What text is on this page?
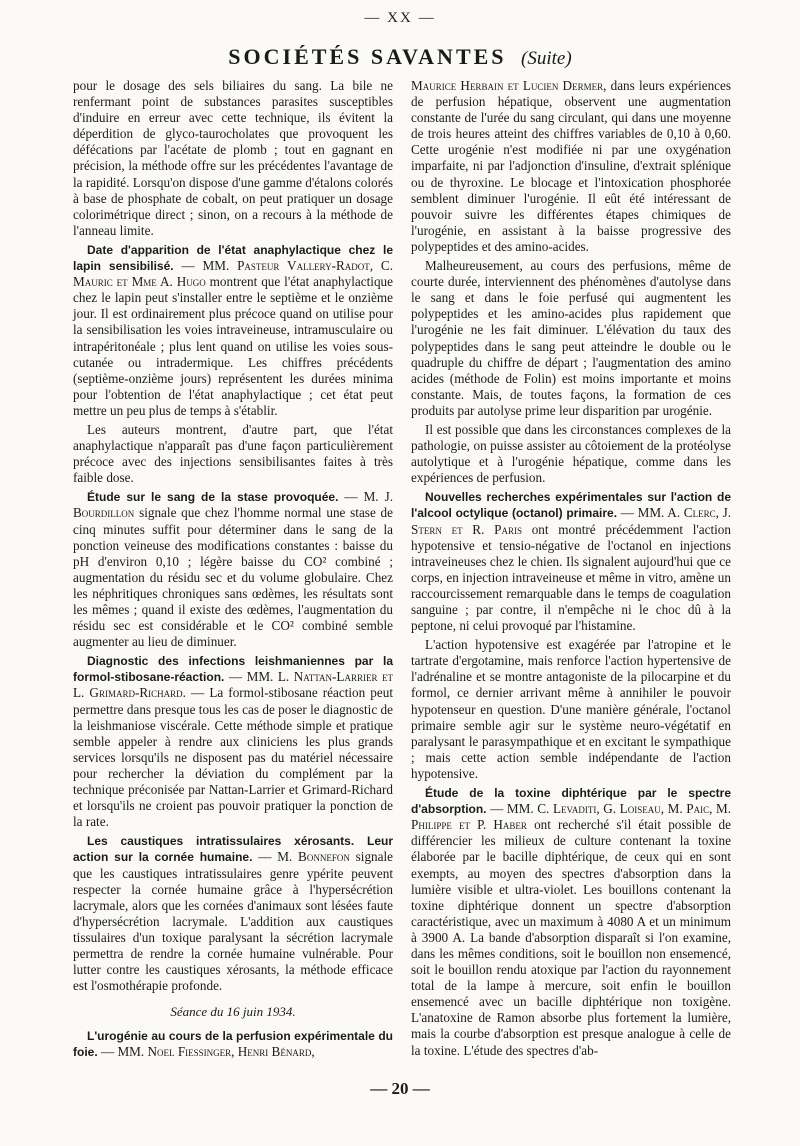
— XX —
SOCIÉTÉS SAVANTES (Suite)

pour le dosage des sels biliaires du sang. La bile ne renfermant point de substances parasites susceptibles d'induire en erreur avec cette technique, ils évitent la déperdition de glyco-taurocholates que provoquent les défécations par l'acétate de plomb ; tout en gagnant en précision, la méthode offre sur les précédentes l'avantage de la rapidité. Lorsqu'on dispose d'une gamme d'étalons colorés à base de phosphate de cobalt, on peut pratiquer un dosage colorimétrique direct ; sinon, on a recours à la méthode de l'anneau limite.

Date d'apparition de l'état anaphylactique chez le lapin sensibilisé. — MM. Pasteur Vallery-Radot, C. Mauric et Mme A. Hugo montrent que l'état anaphylactique chez le lapin peut s'installer entre le septième et le onzième jour. Il est ordinairement plus précoce quand on utilise pour la sensibilisation les voies intraveineuse, intramusculaire ou intrapéritonéale ; plus lent quand on utilise les voies sous-cutanée ou intradermique. Les chiffres précédents (septième-onzième jours) représentent les durées minima pour l'obtention de l'état anaphylactique ; cet état peut mettre un peu plus de temps à s'établir.

Les auteurs montrent, d'autre part, que l'état anaphylactique n'apparaît pas d'une façon particulièrement précoce avec des injections sensibilisantes faites à très faible dose.

Étude sur le sang de la stase provoquée. — M. J. Bourdillon signale que chez l'homme normal une stase de cinq minutes suffit pour déterminer dans le sang de la ponction veineuse des modifications constantes : baisse du pH d'environ 0,10 ; légère baisse du CO² combiné ; augmentation du résidu sec et du volume globulaire. Chez les néphritiques chroniques sans œdèmes, les résultats sont les mêmes ; quand il existe des œdèmes, l'augmentation du résidu sec est considérable et le CO² combiné semble augmenter au lieu de diminuer.

Diagnostic des infections leishmaniennes par la formol-stibosane-réaction. — MM. L. Nattan-Larrier et L. Grimard-Richard. — La formol-stibosane réaction peut permettre dans presque tous les cas de poser le diagnostic de la leishmaniose viscérale. Cette méthode simple et pratique semble appeler à rendre aux cliniciens les plus grands services lorsqu'ils ne disposent pas du matériel nécessaire pour rechercher la déviation du complément par la technique préconisée par Nattan-Larrier et Grimard-Richard et lorsqu'ils ne croient pas pouvoir pratiquer la ponction de la rate.

Les caustiques intratissulaires xérosants. Leur action sur la cornée humaine. — M. Bonnefon signale que les caustiques intratissulaires genre ypérite peuvent respecter la cornée humaine grâce à l'hypersécrétion lacrymale, alors que les cornées d'animaux sont lésées faute d'hypersécrétion lacrymale. L'addition aux caustiques tissulaires d'un toxique paralysant la sécrétion lacrymale permettra de rendre la cornée humaine vulnérable. Pour lutter contre les caustiques xérosants, la méthode efficace est l'osmothérapie profonde.

Séance du 16 juin 1934.

L'urogénie au cours de la perfusion expérimentale du foie. — MM. Noel Fiessinger, Henri Bénard,

Maurice Herbain et Lucien Dermer, dans leurs expériences de perfusion hépatique, observent une augmentation constante de l'urée du sang circulant, qui dans une moyenne de trois heures atteint des chiffres variables de 0,10 à 0,60. Cette urogénie n'est modifiée ni par une oxygénation imparfaite, ni par l'adjonction d'insuline, d'extrait splénique ou de thyroxine. Le blocage et l'intoxication phosphorée semblent diminuer l'urogénie. Il eût été intéressant de pouvoir suivre les différentes étapes chimiques de l'urogénie, en assistant à la baisse progressive des polypeptides et des amino-acides.

Malheureusement, au cours des perfusions, même de courte durée, interviennent des phénomènes d'autolyse dans le sang et dans le foie perfusé qui augmentent les polypeptides et les amino-acides plus rapidement que l'urogénie ne les fait diminuer. L'élévation du taux des polypeptides dans le sang peut atteindre le double ou le quadruple du chiffre de départ ; l'augmentation des amino acides (méthode de Folin) est moins importante et moins constante. Mais, de toutes façons, la formation de ces produits par autolyse prime leur disparition par urogénie.

Il est possible que dans les circonstances complexes de la pathologie, on puisse assister au côtoiement de la protéolyse autolytique et à l'urogénie hépatique, comme dans les expériences de perfusion.

Nouvelles recherches expérimentales sur l'action de l'alcool octylique (octanol) primaire. — MM. A. Clerc, J. Stern et R. Paris ont montré précédemment l'action hypotensive et tensio-négative de l'octanol en injections intraveineuses chez le chien. Ils signalent aujourd'hui que ce corps, en injection intraveineuse et même in vitro, amène un raccourcissement remarquable dans le temps de coagulation sanguine ; par contre, il n'empêche ni le choc dû à la peptone, ni celui provoqué par l'histamine.

L'action hypotensive est exagérée par l'atropine et le tartrate d'ergotamine, mais renforce l'action hypertensive de l'adrénaline et se montre antagoniste de la pilocarpine et du formol, ce dernier arrivant même à annihiler le pouvoir hypotenseur en question. D'une manière générale, l'octanol primaire semble agir sur le système neuro-végétatif en paralysant le parasympathique et en excitant le sympathique ; mais cette action semble indépendante de l'action hypotensive.

Étude de la toxine diphtérique par le spectre d'absorption. — MM. C. Levaditi, G. Loiseau, M. Paic, M. Philippe et P. Haber ont recherché s'il était possible de différencier les milieux de culture contenant la toxine élaborée par le bacille diphtérique, de ceux qui en sont exempts, au moyen des spectres d'absorption dans la lumière visible et ultra-violet. Les bouillons contenant la toxine diphtérique donnent un spectre d'absorption caractéristique, avec un maximum à 4080 A et un minimum à 3900 A. La bande d'absorption disparaît si l'on examine, dans les mêmes conditions, soit le bouillon non ensemencé, soit le bouillon rendu atoxique par l'action du rayonnement total de la lampe à mercure, soit enfin le bouillon ensemencé avec un bacille diphtérique non toxigène. L'anatoxine de Ramon absorbe plus fortement la lumière, mais la courbe d'absorption est presque analogue à celle de la toxine. L'étude des spectres d'ab-

— 20 —
